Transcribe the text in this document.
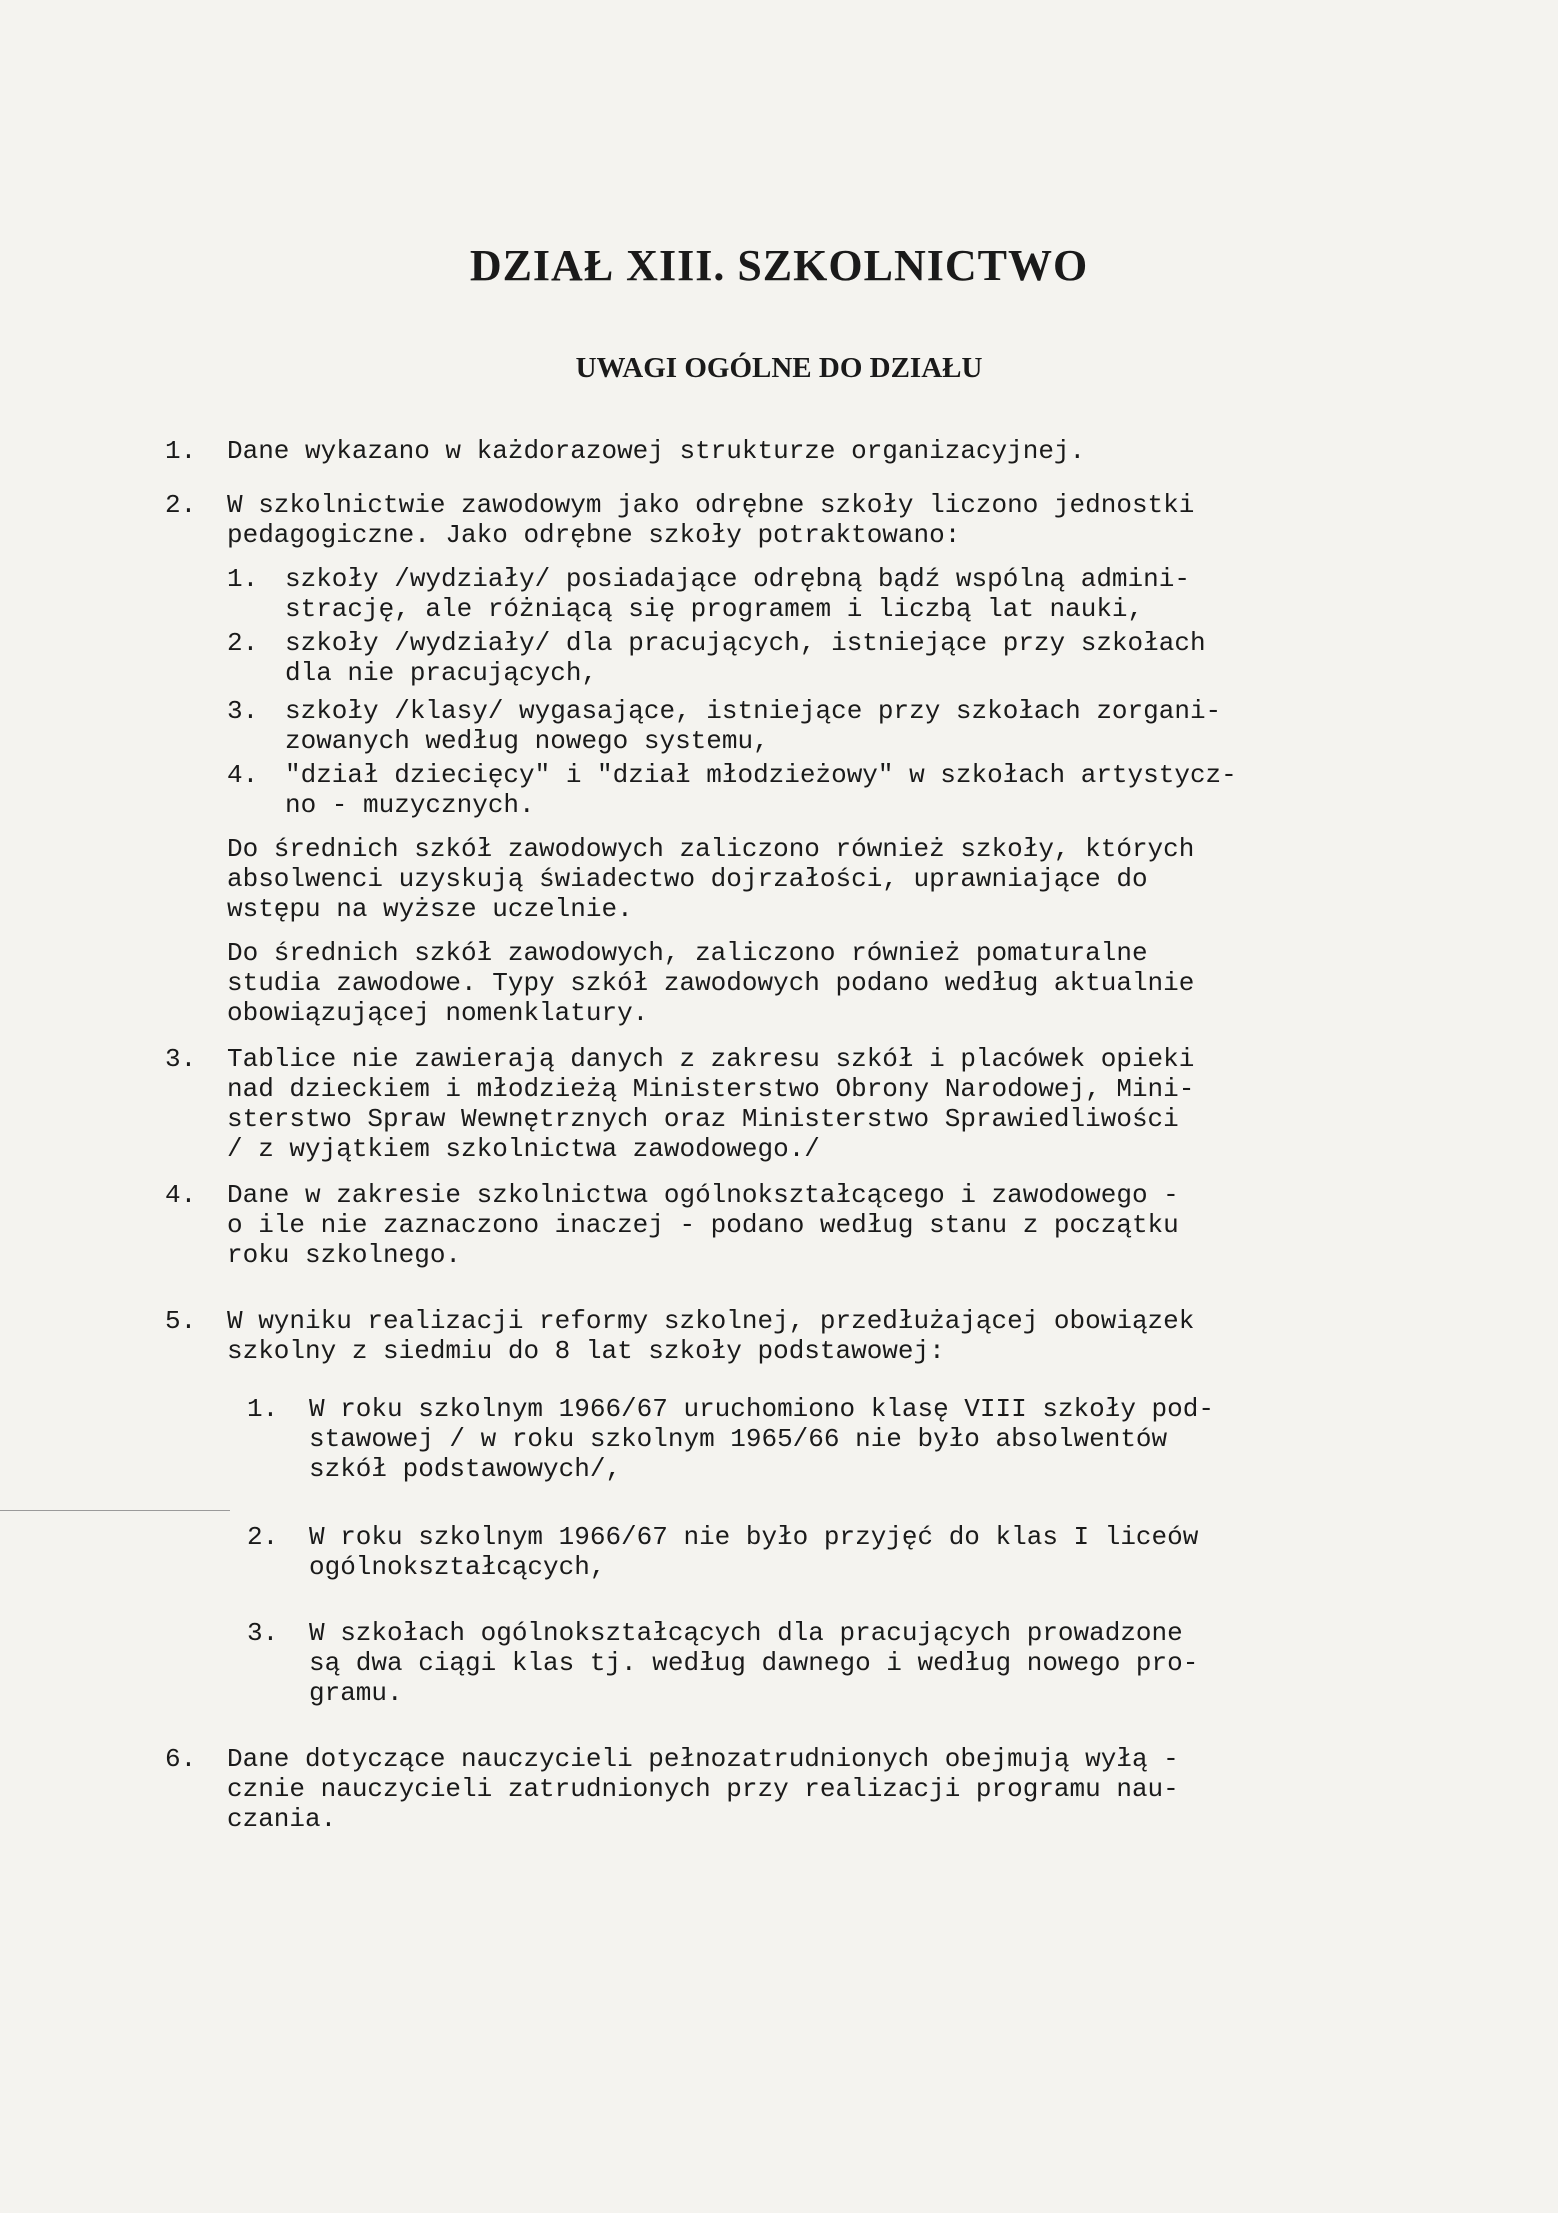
DZIAŁ XIII. SZKOLNICTWO
UWAGI OGÓLNE DO DZIAŁU
1. Dane wykazano w każdorazowej strukturze organizacyjnej.
2. W szkolnictwie zawodowym jako odrębne szkoły liczono jednostki
pedagogiczne. Jako odrębne szkoły potraktowano:
1. szkoły /wydziały/ posiadające odrębną bądź wspólną admini-
strację, ale różniącą się programem i liczbą lat nauki,
2. szkoły /wydziały/ dla pracujących, istniejące przy szkołach
dla nie pracujących,
3. szkoły /klasy/ wygasające, istniejące przy szkołach zorgani-
zowanych według nowego systemu,
4. "dział dziecięcy" i "dział młodzieżowy" w szkołach artystycz-
no - muzycznych.
Do średnich szkół zawodowych zaliczono również szkoły, których
absolwenci uzyskują świadectwo dojrzałości, uprawniające do
wstępu na wyższe uczelnie.
Do średnich szkół zawodowych, zaliczono również pomaturalne
studia zawodowe. Typy szkół zawodowych podano według aktualnie
obowiązującej nomenklatury.
3. Tablice nie zawierają danych z zakresu szkół i placówek opieki
nad dzieckiem i młodzieżą Ministerstwo Obrony Narodowej, Mini-
sterstwo Spraw Wewnętrznych oraz Ministerstwo Sprawiedliwości
/ z wyjątkiem szkolnictwa zawodowego./
4. Dane w zakresie szkolnictwa ogólnokształcącego i zawodowego -
o ile nie zaznaczono inaczej - podano według stanu z początku
roku szkolnego.
5. W wyniku realizacji reformy szkolnej, przedłużającej obowiązek
szkolny z siedmiu do 8 lat szkoły podstawowej:
1. W roku szkolnym 1966/67 uruchomiono klasę VIII szkoły pod-
stawowej / w roku szkolnym 1965/66 nie było absolwentów
szkół podstawowych/,
2. W roku szkolnym 1966/67 nie było przyjęć do klas I liceów
ogólnokształcących,
3. W szkołach ogólnokształcących dla pracujących prowadzone
są dwa ciągi klas tj. według dawnego i według nowego pro-
gramu.
6. Dane dotyczące nauczycieli pełnozatrudnionych obejmują wyłą -
cznie nauczycieli zatrudnionych przy realizacji programu nau-
czania.
